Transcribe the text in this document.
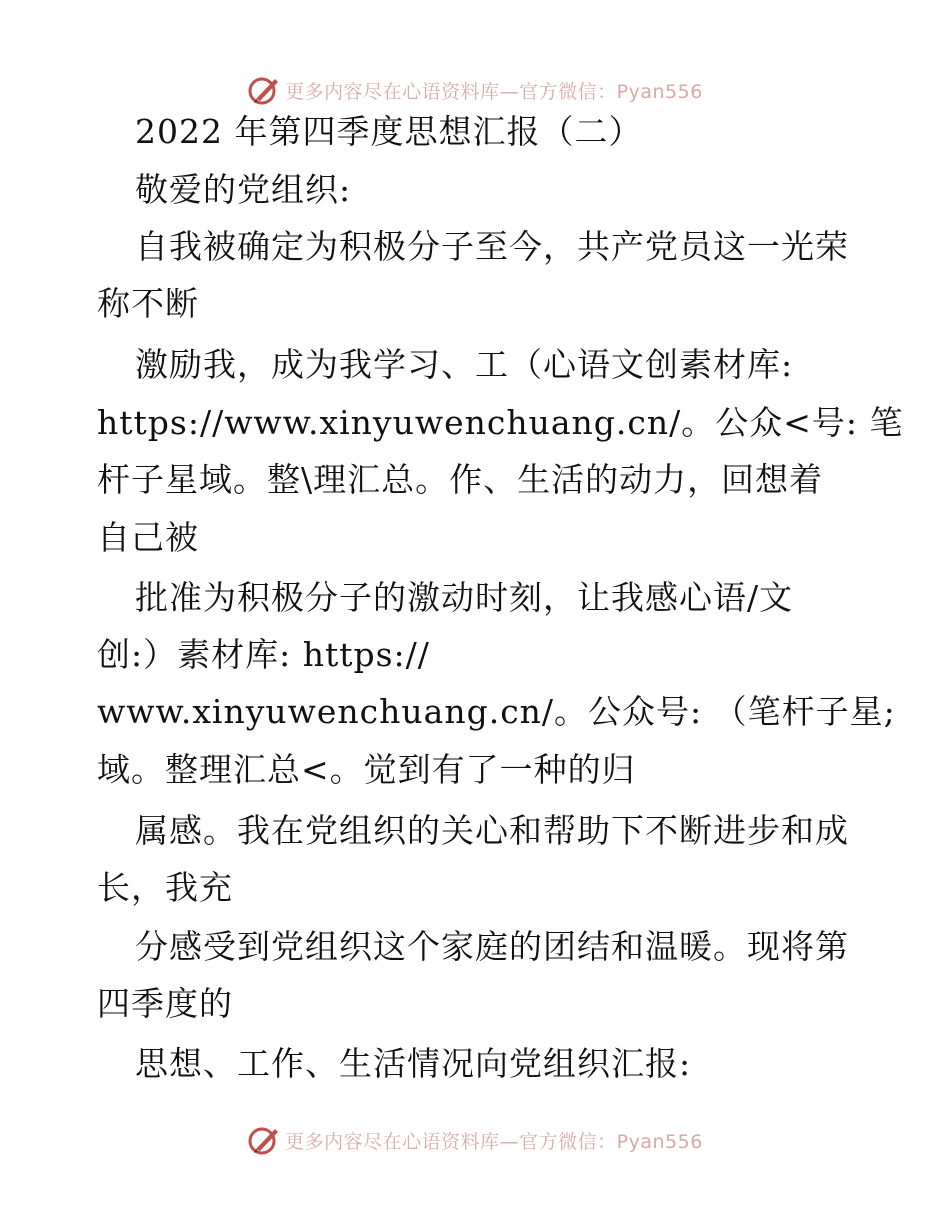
更多内容尽在心语资料库—官方微信：Pyan556
2022 年第四季度思想汇报（二）
敬爱的党组织:
自我被确定为积极分子至今，共产党员这一光荣
称不断
激励我，成为我学习、工（心语文创素材库:
https://www.xinyuwenchuang.cn/。公众<号: 笔
杆子星域。整\理汇总。作、生活的动力，回想着
自己被
批准为积极分子的激动时刻，让我感心语/文
创:）素材库: https://
www.xinyuwenchuang.cn/。公众号: （笔杆子星;
域。整理汇总<。觉到有了一种的归
属感。我在党组织的关心和帮助下不断进步和成
长，我充
分感受到党组织这个家庭的团结和温暖。现将第
四季度的
思想、工作、生活情况向党组织汇报:
更多内容尽在心语资料库—官方微信：Pyan556
